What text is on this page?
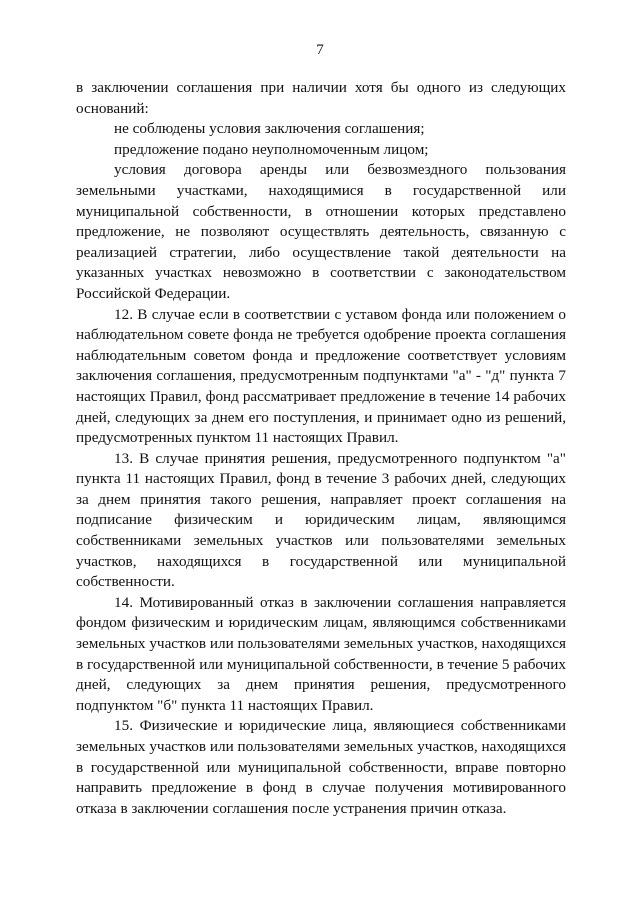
7

в заключении соглашения при наличии хотя бы одного из следующих оснований:

не соблюдены условия заключения соглашения;

предложение подано неуполномоченным лицом;

условия договора аренды или безвозмездного пользования земельными участками, находящимися в государственной или муниципальной собственности, в отношении которых представлено предложение, не позволяют осуществлять деятельность, связанную с реализацией стратегии, либо осуществление такой деятельности на указанных участках невозможно в соответствии с законодательством Российской Федерации.

12. В случае если в соответствии с уставом фонда или положением о наблюдательном совете фонда не требуется одобрение проекта соглашения наблюдательным советом фонда и предложение соответствует условиям заключения соглашения, предусмотренным подпунктами "а" - "д" пункта 7 настоящих Правил, фонд рассматривает предложение в течение 14 рабочих дней, следующих за днем его поступления, и принимает одно из решений, предусмотренных пунктом 11 настоящих Правил.

13. В случае принятия решения, предусмотренного подпунктом "а" пункта 11 настоящих Правил, фонд в течение 3 рабочих дней, следующих за днем принятия такого решения, направляет проект соглашения на подписание физическим и юридическим лицам, являющимся собственниками земельных участков или пользователями земельных участков, находящихся в государственной или муниципальной собственности.

14. Мотивированный отказ в заключении соглашения направляется фондом физическим и юридическим лицам, являющимся собственниками земельных участков или пользователями земельных участков, находящихся в государственной или муниципальной собственности, в течение 5 рабочих дней, следующих за днем принятия решения, предусмотренного подпунктом "б" пункта 11 настоящих Правил.

15. Физические и юридические лица, являющиеся собственниками земельных участков или пользователями земельных участков, находящихся в государственной или муниципальной собственности, вправе повторно направить предложение в фонд в случае получения мотивированного отказа в заключении соглашения после устранения причин отказа.
